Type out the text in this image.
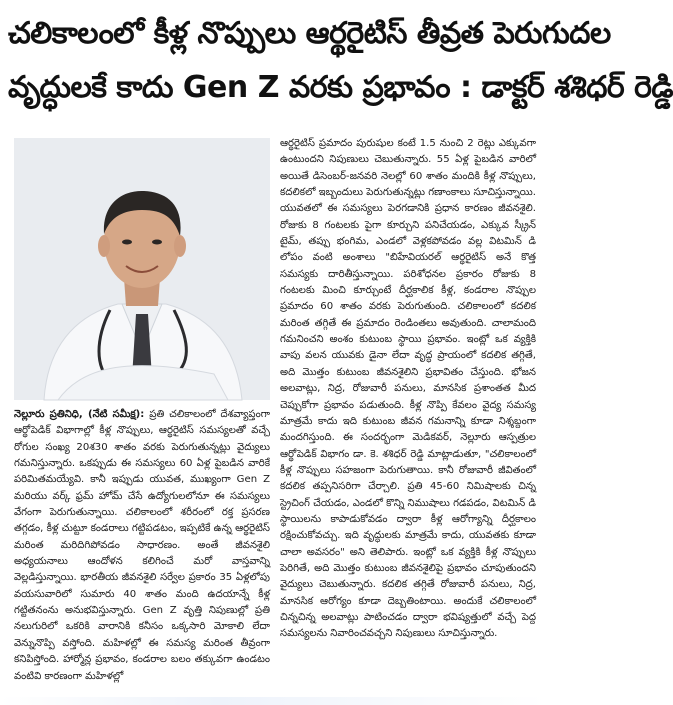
చలికాలంలో కీళ్ల నొప్పులు ఆర్థరైటిస్ తీవ్రత పెరుగుదల
వృద్ధులకే కాదు Gen Z వరకు ప్రభావం : డాక్టర్ శశిధర్ రెడ్డి

నెల్లూరు ప్రతినిధి, (నేటి సమీక్ష): ప్రతి చలికాలంలో దేశవ్యాప్తంగా ఆర్థోపెడిక్ విభాగాల్లో కీళ్ల నొప్పులు, ఆర్థరైటిస్ సమస్యలతో వచ్చే రోగుల సంఖ్య 20శ30 శాతం వరకు పెరుగుతున్నట్లు వైద్యులు గమనిస్తున్నారు. ఒకప్పుడు ఈ సమస్యలు 60 ఏళ్ల పైబడిన వారికే పరిమితమయ్యేవి. కానీ ఇప్పుడు యువత, ముఖ్యంగా Gen Z మరియు వర్క్ ఫ్రమ్ హోమ్ చేసే ఉద్యోగులలోనూ ఈ సమస్యలు వేగంగా పెరుగుతున్నాయి. చలికాలంలో శరీరంలో రక్త ప్రసరణ తగ్గడం, కీళ్ల చుట్టూ కండరాలు గట్టిపడటం, ఇప్పటికే ఉన్న ఆర్థరైటిస్ మరింత మరిదిగిపోవడం సాధారణం. అంతే జీవనశైలి అధ్యయనాలు ఆందోళన కలిగించే మరో వాస్తవాన్ని వెల్లడిస్తున్నాయి. భారతీయ జీవనశైలి సర్వేల ప్రకారం 35 ఏళ్లలోపు వయసువారిలో సుమారు 40 శాతం మంది ఉదయాన్నే కీళ్ల గట్టితనంను అనుభవిస్తున్నారు. Gen Z వృత్తి నిపుణుల్లో ప్రతి నలుగురిలో ఒకరికి వారానికి కనీసం ఒక్కసారి మోకాలి లేదా వెన్నునొప్పి వస్తోంది. మహిళల్లో ఈ సమస్య మరింత తీవ్రంగా కనిపిస్తోంది. హార్మోన్ల ప్రభావం, కండరాల బలం తక్కువగా ఉండటం వంటివి కారణంగా మహిళల్లో

ఆర్థరైటిస్ ప్రమాదం పురుషుల కంటే 1.5 నుంచి 2 రెట్లు ఎక్కువగా ఉంటుందని నిపుణులు చెబుతున్నారు. 55 ఏళ్ల పైబడిన వారిలో అయితే డిసెంబర్-జనవరి నెలల్లో 60 శాతం మందికి కీళ్ల నొప్పులు, కదలికలో ఇబ్బందులు పెరుగుతున్నట్లు గణాంకాలు సూచిస్తున్నాయి. యువతలో ఈ సమస్యలు పెరగడానికి ప్రధాన కారణం జీవనశైలి. రోజుకు 8 గంటలకు పైగా కూర్చుని పనిచేయడం, ఎక్కువ స్క్రీన్ టైమ్, తప్పు భంగిమ, ఎండలో వెళ్లకపోవడం వల్ల విటమిన్ డి లోపం వంటి అంశాలు "బిహేవియరల్ ఆర్థరైటిస్ అనే కొత్త సమస్యకు దారితీస్తున్నాయి. పరిశోధనల ప్రకారం రోజుకు 8 గంటలకు మించి కూర్చుంటే దీర్ఘకాలిక కీళ్ల, కండరాల నొప్పుల ప్రమాదం 60 శాతం వరకు పెరుగుతుంది. చలికాలంలో కదలిక మరింత తగ్గితే ఈ ప్రమాదం రెండింతలు అవుతుంది. చాలామంది గమనించని అంశం కుటుంబ స్థాయి ప్రభావం. ఇంట్లో ఒక వ్యక్తికి వాపు వలన యువకు డైనా లేదా వృద్ధ ప్రాయంలో కదలిక తగ్గితే, అది మొత్తం కుటుంబ జీవనశైలిని ప్రభావితం చేస్తుంది. భోజన అలవాట్లు, నిద్ర, రోజువారీ పనులు, మానసిక ప్రశాంతత మీద చెప్పుకోగా ప్రభావం పడుతుంది. కీళ్ల నొప్పి కేవలం వైద్య సమస్య మాత్రమే కాదు ఇది కుటుంబ జీవన గమనాన్ని కూడా నిశ్శబ్దంగా మందగిస్తుంది. ఈ సందర్భంగా మెడికవర్, నెల్లూరు ఆస్పత్రుల ఆర్థోపెడిక్ విభాగం డా. కె. శశిధర్ రెడ్డి మాట్లాడుతూ, "చలికాలంలో కీళ్ల నొప్పులు సహజంగా పెరుగుతాయి. కానీ రోజువారీ జీవితంలో కదలిక తప్పనిసరిగా చేర్చాలి. ప్రతి 45-60 నిమిషాలకు చిన్న స్ట్రెచింగ్ చేయడం, ఎండలో కొన్ని నిముషాలు గడపడం, విటమిన్ డి స్థాయిలను కాపాడుకోవడం ద్వారా కీళ్ల ఆరోగ్యాన్ని దీర్ఘకాలం రక్షించుకోవచ్చు. ఇది వృద్ధులకు మాత్రమే కాదు, యువతకు కూడా చాలా అవసరం" అని తెలిపారు. ఇంట్లో ఒక వ్యక్తికి కీళ్ల నొప్పులు పెరిగితే, అది మొత్తం కుటుంబ జీవనశైలిపై ప్రభావం చూపుతుందని వైద్యులు చెబుతున్నారు. కదలిక తగ్గితే రోజువారీ పనులు, నిద్ర, మానసిక ఆరోగ్యం కూడా దెబ్బతింటాయి. అందుకే చలికాలంలో చిన్నచిన్న అలవాట్లు పాటించడం ద్వారా భవిష్యత్తులో వచ్చే పెద్ద సమస్యలను నివారించవచ్చని నిపుణులు సూచిస్తున్నారు.
